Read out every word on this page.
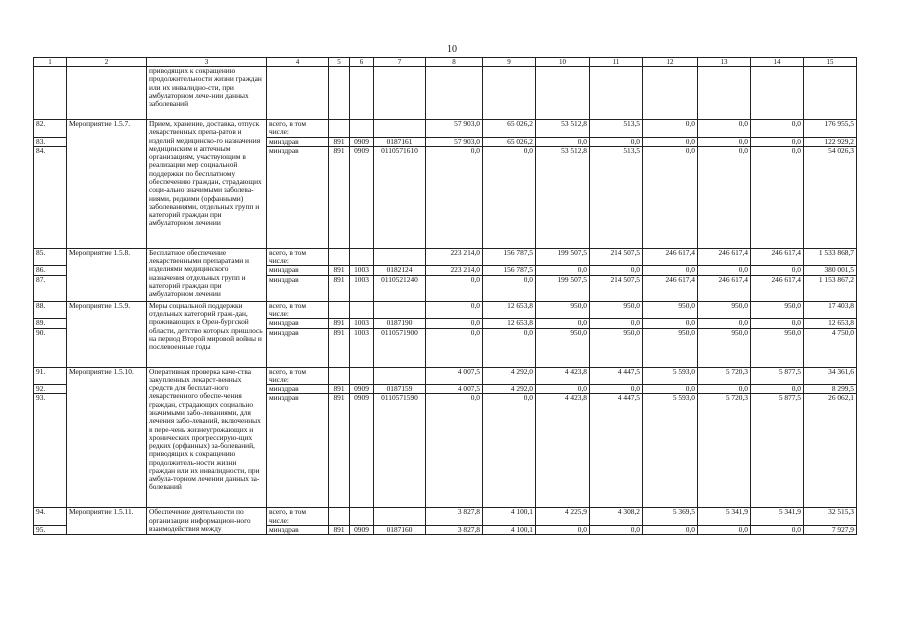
10
1	2	3	4	5	6	7	8	9	10	11	12	13	14	15
		приводящих к сокращению продолжительности жизни граждан или их инвалидно-сти, при амбулаторном лече-нии данных заболеваний												
82.	Мероприятие 1.5.7.	Прием, хранение, доставка, отпуск лекарственных препа-ратов и изделий медицинско-го назначения медицинским и аптечным организациям, участвующим в реализации мер социальной поддержки по бесплатному обеспечению граждан, страдающих соци-ально значимыми заболева-ниями, редкими (орфанными) заболеваниями, отдельных групп и категорий граждан при амбулаторном лечении	всего, в том числе:				57 903,0	65 026,2	53 512,8	513,5	0,0	0,0	0,0	176 955,5
83.			минздрав	891	0909	0187161	57 903,0	65 026,2	0,0	0,0	0,0	0,0	0,0	122 929,2
84.			минздрав	891	0909	0110571610	0,0	0,0	53 512,8	513,5	0,0	0,0	0,0	54 026,3
85.	Мероприятие 1.5.8.	Бесплатное обеспечение лекарственными препаратами и изделиями медицинского назначения отдельных групп и категорий граждан при амбулаторном лечении	всего, в том числе:				223 214,0	156 787,5	199 507,5	214 507,5	246 617,4	246 617,4	246 617,4	1 533 868,7
86.			минздрав	891	1003	0182124	223 214,0	156 787,5	0,0	0,0	0,0	0,0	0,0	380 001,5
87.			минздрав	891	1003	0110521240	0,0	0,0	199 507,5	214 507,5	246 617,4	246 617,4	246 617,4	1 153 867,2
88.	Мероприятие 1.5.9.	Меры социальной поддержки отдельных категорий граж-дан, проживающих в Орен-бургской области, детство которых пришлось на период Второй мировой войны и послевоенные годы	всего, в том числе:				0,0	12 653,8	950,0	950,0	950,0	950,0	950,0	17 403,8
89.			минздрав	891	1003	0187190	0,0	12 653,8	0,0	0,0	0,0	0,0	0,0	12 653,8
90.			минздрав	891	1003	0110571900	0,0	0,0	950,0	950,0	950,0	950,0	950,0	4 750,0
91.	Мероприятие 1.5.10.	Оперативная проверка каче-ства закупленных лекарст-венных средств для бесплат-ного лекарственного обеспе-чения граждан, страдающих социально значимыми забо-леваниями, для лечения забо-леваний, включенных в пере-чень жизнеугрожающих и хронических прогрессирую-щих редких (орфанных) за-болеваний, приводящих к сокращению продолжитель-ности жизни граждан или их инвалидности, при амбула-торном лечении данных за-болеваний	всего, в том числе:				4 007,5	4 292,0	4 423,8	4 447,5	5 593,0	5 720,3	5 877,5	34 361,6
92.			минздрав	891	0909	0187159	4 007,5	4 292,0	0,0	0,0	0,0	0,0	0,0	8 299,5
93.			минздрав	891	0909	0110571590	0,0	0,0	4 423,8	4 447,5	5 593,0	5 720,3	5 877,5	26 062,1
94.	Мероприятие 1.5.11.	Обеспечение деятельности по организации информацион-ного взаимодействия между	всего, в том числе:				3 827,8	4 100,1	4 225,9	4 308,2	5 369,5	5 341,9	5 341,9	32 515,3
95.			минздрав	891	0909	0187160	3 827,8	4 100,1	0,0	0,0	0,0	0,0	0,0	7 927,9
